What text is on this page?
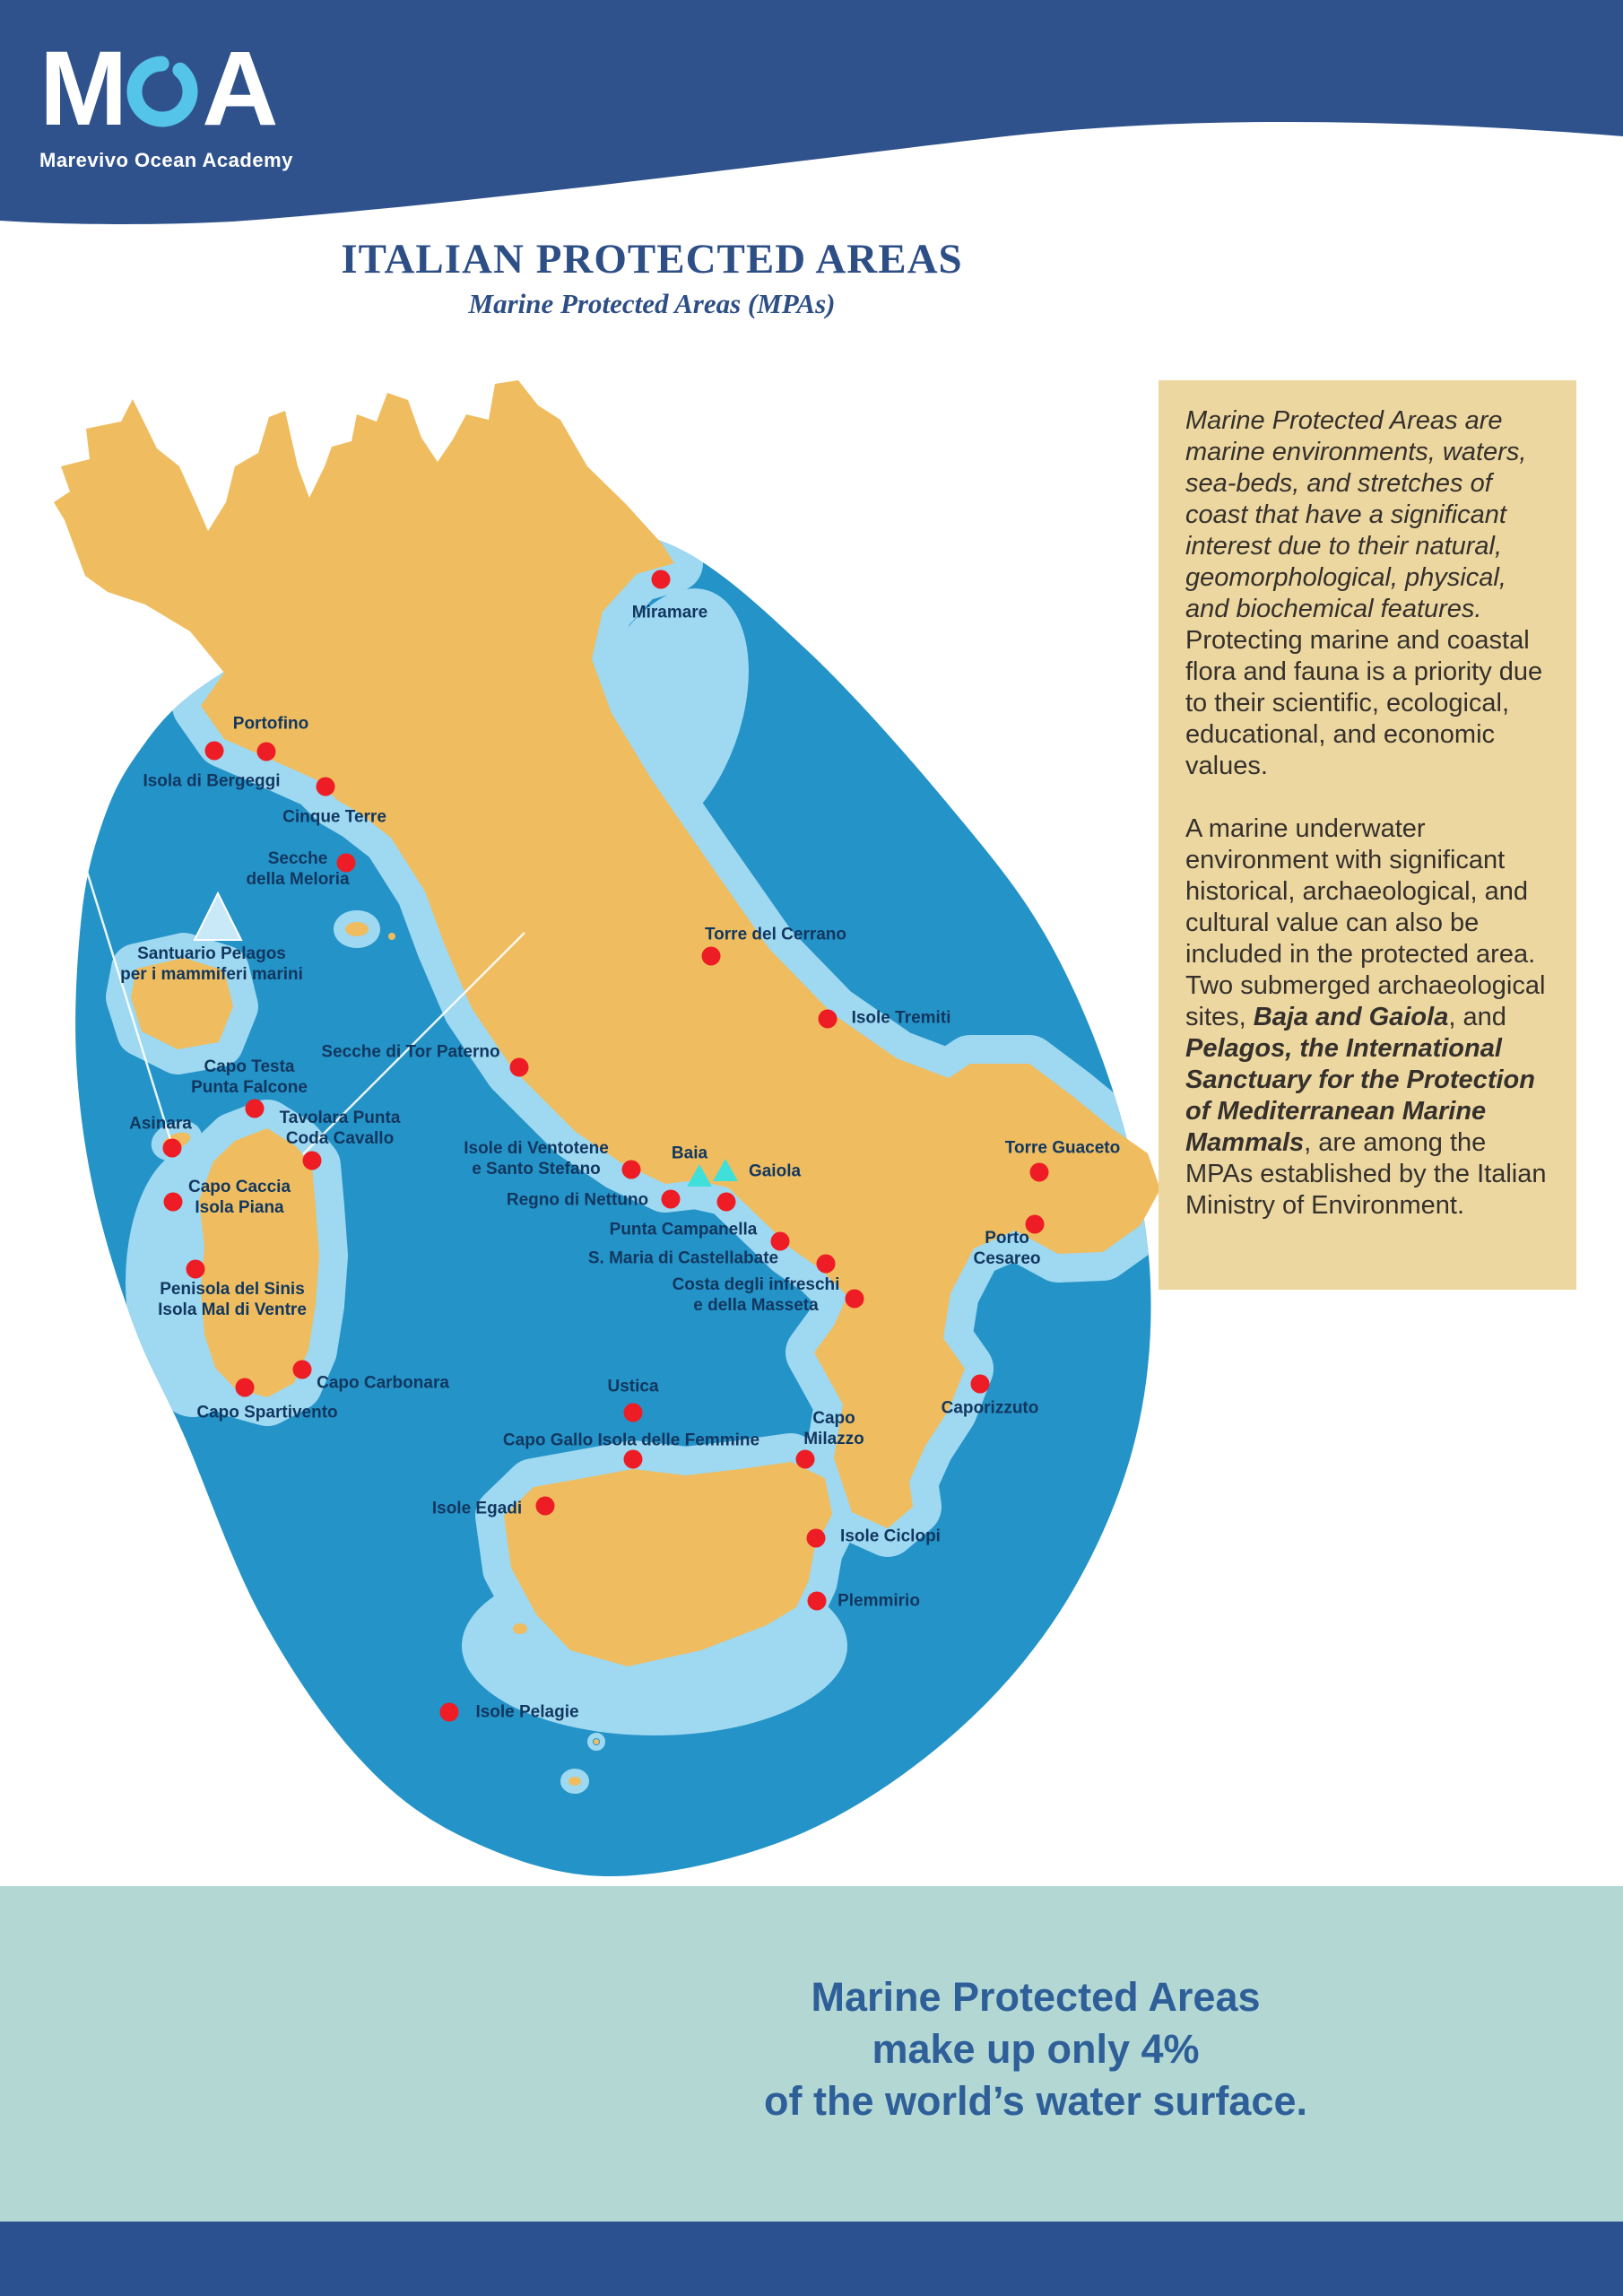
M A
Marevivo Ocean Academy
ITALIAN PROTECTED AREAS
Marine Protected Areas (MPAs)

Marine Protected Areas are marine environments, waters, sea-beds, and stretches of coast that have a significant interest due to their natural, geomorphological, physical, and biochemical features. Protecting marine and coastal flora and fauna is a priority due to their scientific, ecological, educational, and economic values.

A marine underwater environment with significant historical, archaeological, and cultural value can also be included in the protected area. Two submerged archaeological sites, Baja and Gaiola, and Pelagos, the International Sanctuary for the Protection of Mediterranean Marine Mammals, are among the MPAs established by the Italian Ministry of Environment.

Miramare
Portofino
Isola di Bergeggi
Cinque Terre
Secche
della Meloria
Santuario Pelagos
per i mammiferi marini
Torre del Cerrano
Isole Tremiti
Secche di Tor Paterno
Capo Testa
Punta Falcone
Asinara	Tavolara Punta
Coda Cavallo
Capo Caccia
Isola Piana
Penisola del Sinis
Isola Mal di Ventre
Capo Carbonara
Capo Spartivento
Isole di Ventotene
e Santo Stefano
Baia
Gaiola
Regno di Nettuno
Punta Campanella
S. Maria di Castellabate
Costa degli infreschi
e della Masseta
Ustica
Capo Gallo Isola delle Femmine
Capo
Milazzo
Isole Egadi
Isole Ciclopi
Plemmirio
Isole Pelagie
Caporizzuto
Torre Guaceto
Porto
Cesareo
Marine Protected Areas
make up only 4%
of the world’s water surface.
